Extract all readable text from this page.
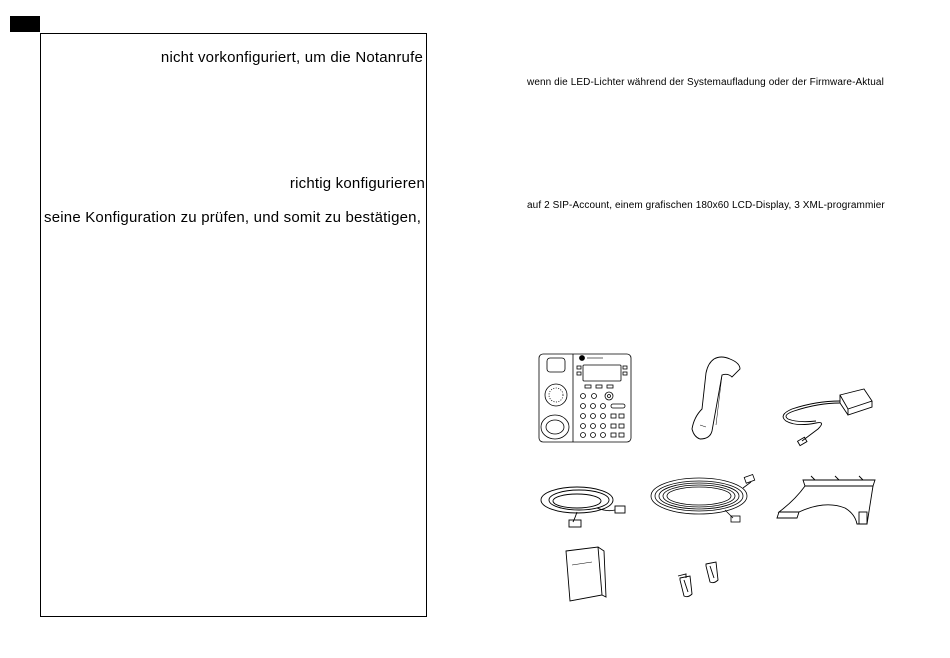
nicht vorkonfiguriert, um die Notanrufe
richtig konfigurieren
seine Konfiguration zu prüfen, und somit zu bestätigen,
wenn die LED-Lichter während der Systemaufladung oder der Firmware-Aktual
auf 2 SIP-Account, einem grafischen 180x60 LCD-Display, 3 XML-programmier
